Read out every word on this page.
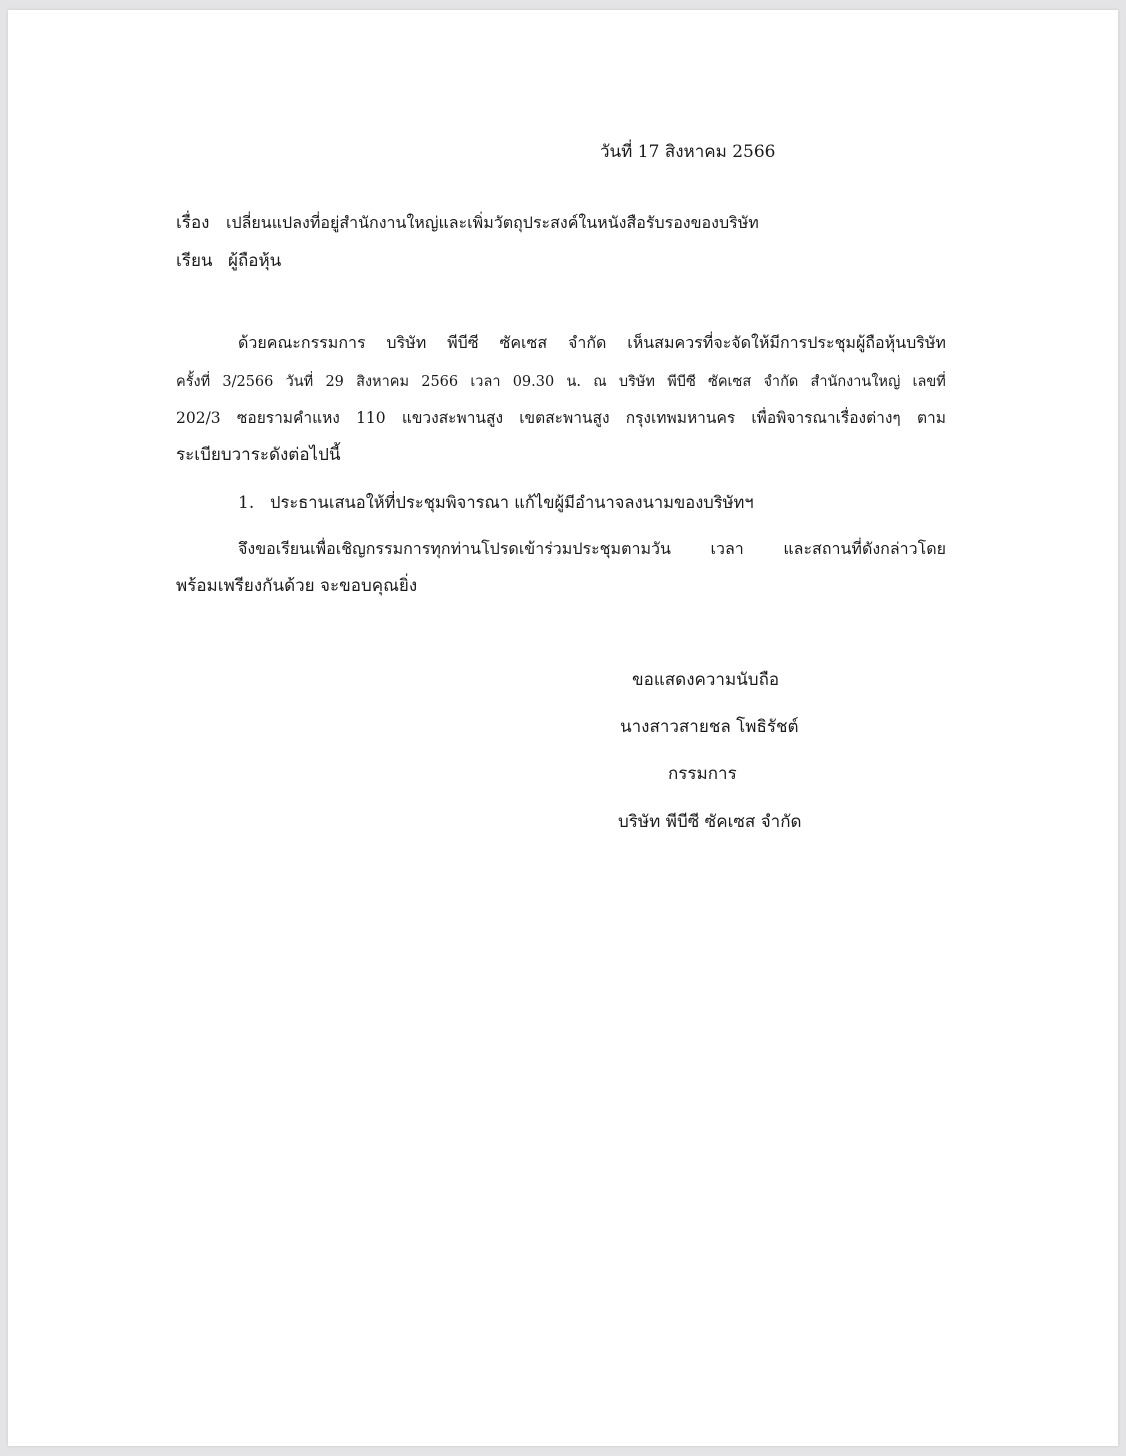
วันที่ 17 สิงหาคม 2566
เรื่อง เปลี่ยนแปลงที่อยู่สำนักงานใหญ่และเพิ่มวัตถุประสงค์ในหนังสือรับรองของบริษัท
เรียน ผู้ถือหุ้น
ด้วยคณะกรรมการ บริษัท พีบีซี ซัคเซส จำกัด เห็นสมควรที่จะจัดให้มีการประชุมผู้ถือหุ้นบริษัท
ครั้งที่ 3/2566 วันที่ 29 สิงหาคม 2566 เวลา 09.30 น. ณ บริษัท พีบีซี ซัคเซส จำกัด สำนักงานใหญ่ เลขที่
202/3 ซอยรามคำแหง 110 แขวงสะพานสูง เขตสะพานสูง กรุงเทพมหานคร เพื่อพิจารณาเรื่องต่างๆ ตาม
ระเบียบวาระดังต่อไปนี้
1. ประธานเสนอให้ที่ประชุมพิจารณา แก้ไขผู้มีอำนาจลงนามของบริษัทฯ
จึงขอเรียนเพื่อเชิญกรรมการทุกท่านโปรดเข้าร่วมประชุมตามวัน เวลา และสถานที่ดังกล่าวโดย
พร้อมเพรียงกันด้วย จะขอบคุณยิ่ง
ขอแสดงความนับถือ
นางสาวสายชล โพธิรัชต์
กรรมการ
บริษัท พีบีซี ซัคเซส จำกัด
